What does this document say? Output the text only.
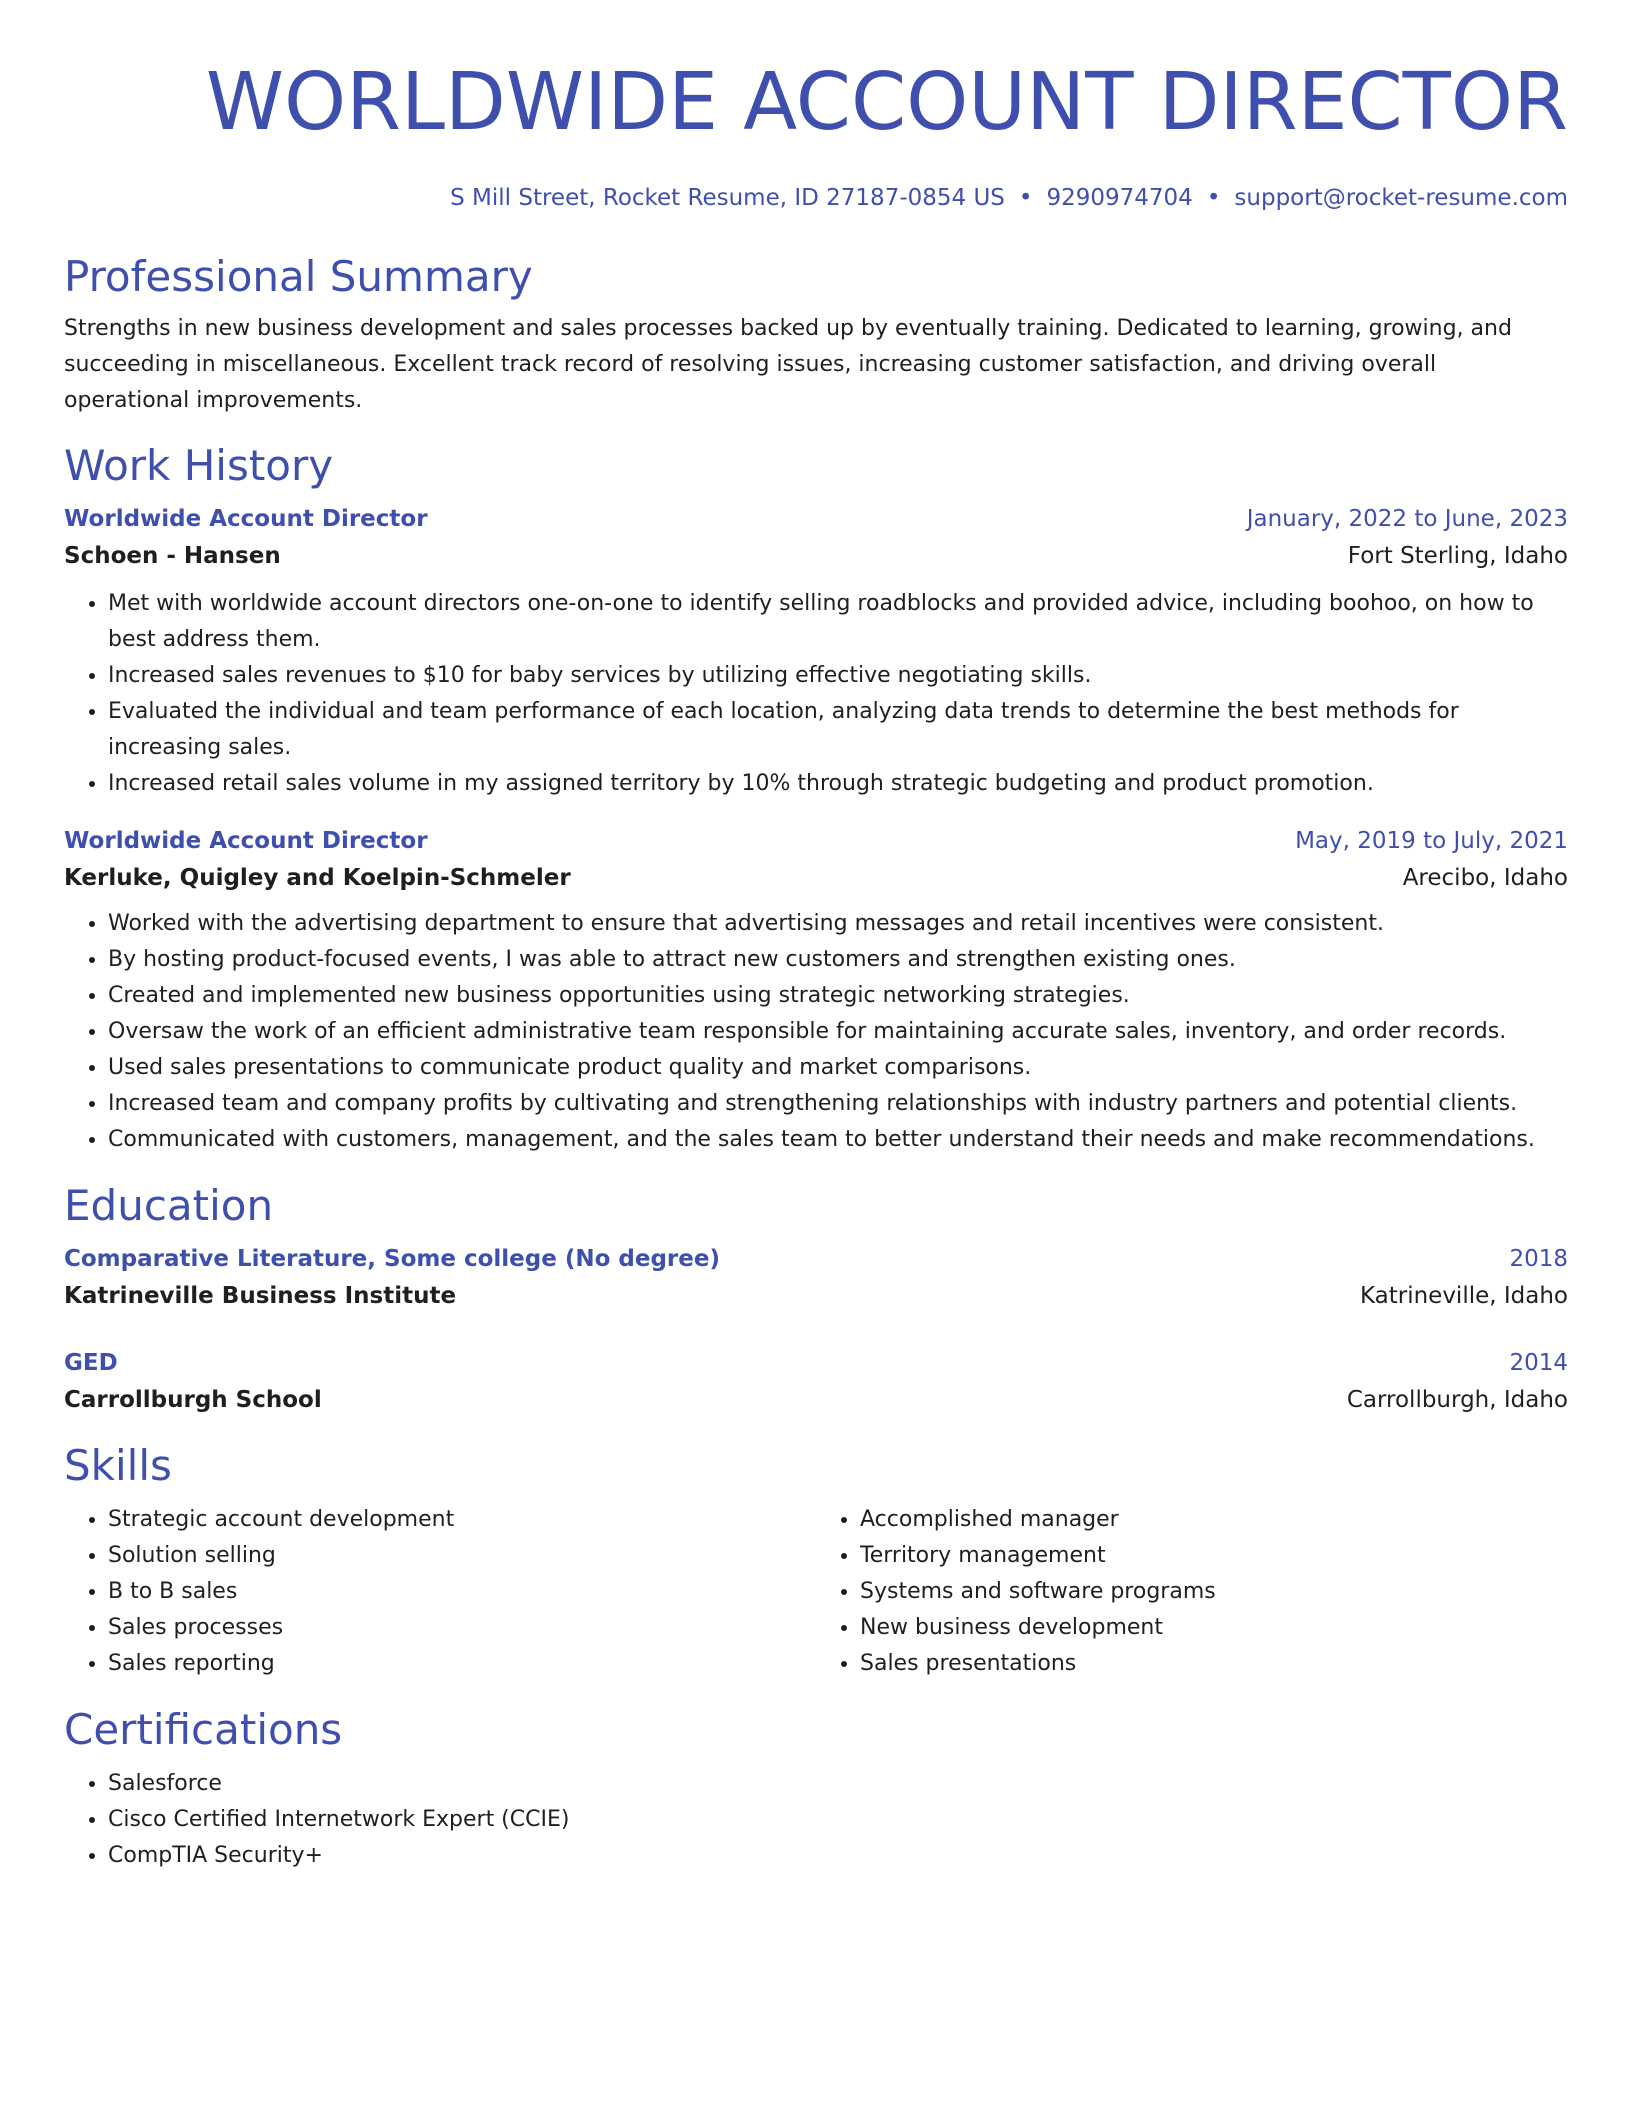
WORLDWIDE ACCOUNT DIRECTOR
S Mill Street, Rocket Resume, ID 27187-0854 US • 9290974704 • support@rocket-resume.com
Professional Summary
Strengths in new business development and sales processes backed up by eventually training. Dedicated to learning, growing, and succeeding in miscellaneous. Excellent track record of resolving issues, increasing customer satisfaction, and driving overall operational improvements.
Work History
Worldwide Account Director	January, 2022 to June, 2023
Schoen - Hansen	Fort Sterling, Idaho
• Met with worldwide account directors one-on-one to identify selling roadblocks and provided advice, including boohoo, on how to best address them.
• Increased sales revenues to $10 for baby services by utilizing effective negotiating skills.
• Evaluated the individual and team performance of each location, analyzing data trends to determine the best methods for increasing sales.
• Increased retail sales volume in my assigned territory by 10% through strategic budgeting and product promotion.
Worldwide Account Director	May, 2019 to July, 2021
Kerluke, Quigley and Koelpin-Schmeler	Arecibo, Idaho
• Worked with the advertising department to ensure that advertising messages and retail incentives were consistent.
• By hosting product-focused events, I was able to attract new customers and strengthen existing ones.
• Created and implemented new business opportunities using strategic networking strategies.
• Oversaw the work of an efficient administrative team responsible for maintaining accurate sales, inventory, and order records.
• Used sales presentations to communicate product quality and market comparisons.
• Increased team and company profits by cultivating and strengthening relationships with industry partners and potential clients.
• Communicated with customers, management, and the sales team to better understand their needs and make recommendations.
Education
Comparative Literature, Some college (No degree)	2018
Katrineville Business Institute	Katrineville, Idaho
GED	2014
Carrollburgh School	Carrollburgh, Idaho
Skills
• Strategic account development
• Solution selling
• B to B sales
• Sales processes
• Sales reporting
• Accomplished manager
• Territory management
• Systems and software programs
• New business development
• Sales presentations
Certifications
• Salesforce
• Cisco Certified Internetwork Expert (CCIE)
• CompTIA Security+
